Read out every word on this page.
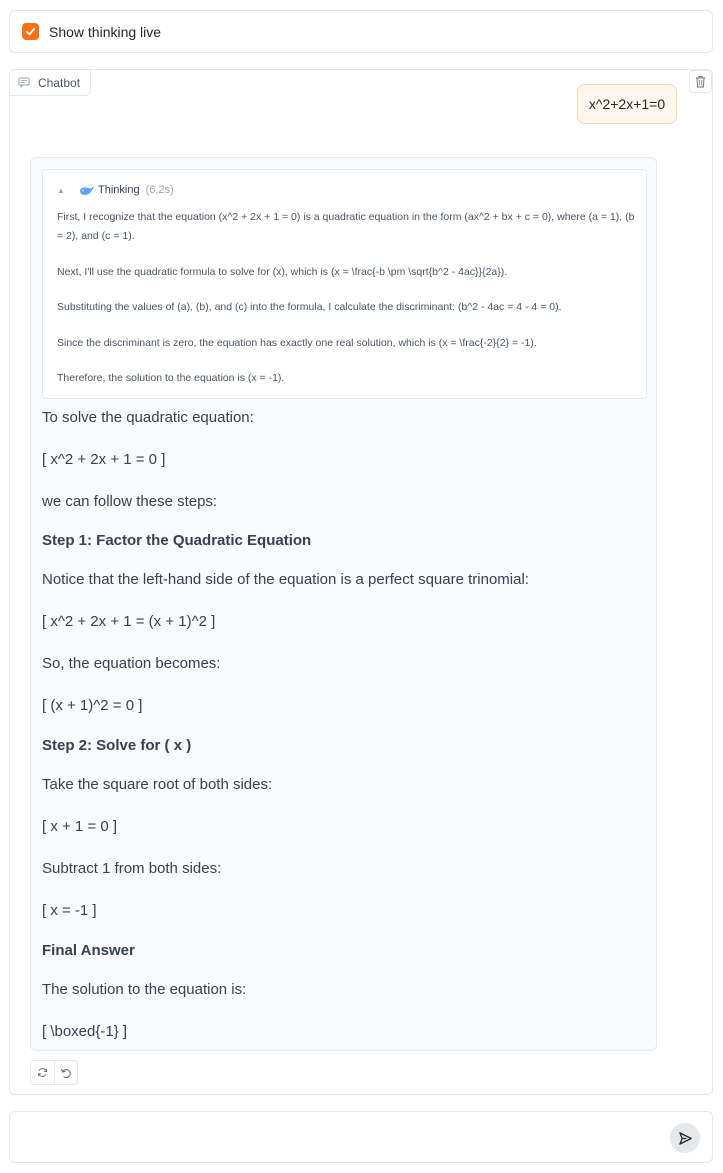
Show thinking live
Chatbot
x^2+2x+1=0
▲	Thinking (6.2s)
First, I recognize that the equation (x^2 + 2x + 1 = 0) is a quadratic equation in the form (ax^2 + bx + c = 0), where (a = 1), (b = 2), and (c = 1).
Next, I'll use the quadratic formula to solve for (x), which is (x = \frac{-b \pm \sqrt{b^2 - 4ac}}{2a}).
Substituting the values of (a), (b), and (c) into the formula, I calculate the discriminant: (b^2 - 4ac = 4 - 4 = 0).
Since the discriminant is zero, the equation has exactly one real solution, which is (x = \frac{-2}{2} = -1).
Therefore, the solution to the equation is (x = -1).
To solve the quadratic equation:
[ x^2 + 2x + 1 = 0 ]
we can follow these steps:
Step 1: Factor the Quadratic Equation
Notice that the left-hand side of the equation is a perfect square trinomial:
[ x^2 + 2x + 1 = (x + 1)^2 ]
So, the equation becomes:
[ (x + 1)^2 = 0 ]
Step 2: Solve for ( x )
Take the square root of both sides:
[ x + 1 = 0 ]
Subtract 1 from both sides:
[ x = -1 ]
Final Answer
The solution to the equation is:
[ \boxed{-1} ]
